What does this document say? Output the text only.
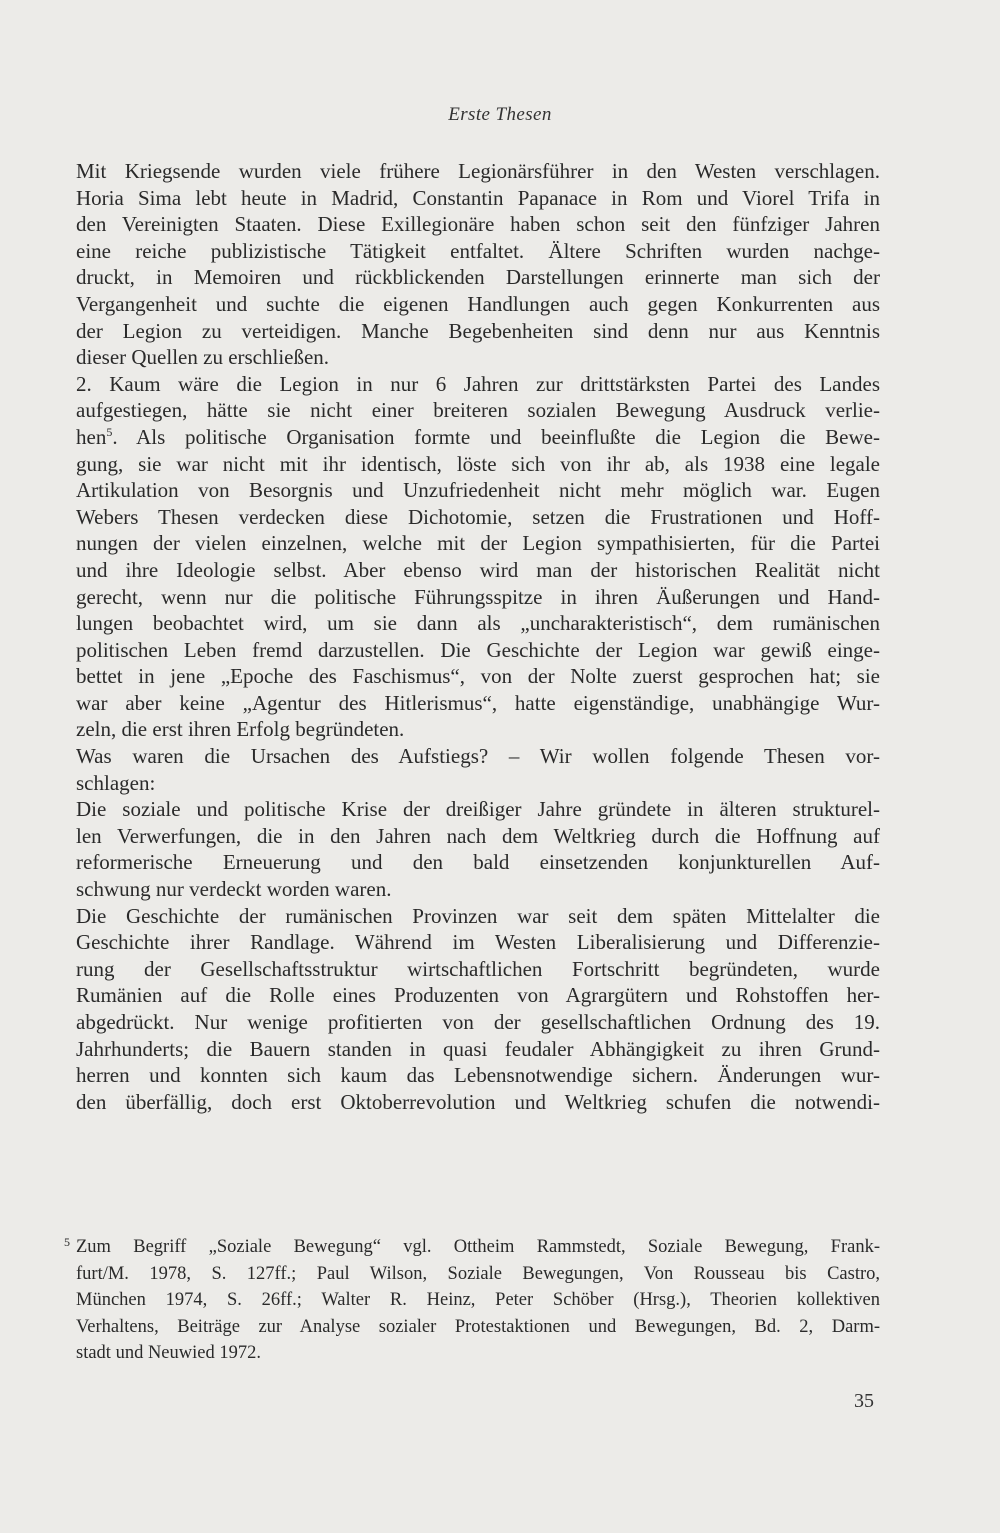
Erste Thesen
Mit Kriegsende wurden viele frühere Legionärsführer in den Westen verschlagen.
Horia Sima lebt heute in Madrid, Constantin Papanace in Rom und Viorel Trifa in
den Vereinigten Staaten. Diese Exillegionäre haben schon seit den fünfziger Jahren
eine reiche publizistische Tätigkeit entfaltet. Ältere Schriften wurden nachge-
druckt, in Memoiren und rückblickenden Darstellungen erinnerte man sich der
Vergangenheit und suchte die eigenen Handlungen auch gegen Konkurrenten aus
der Legion zu verteidigen. Manche Begebenheiten sind denn nur aus Kenntnis
dieser Quellen zu erschließen.
2. Kaum wäre die Legion in nur 6 Jahren zur drittstärksten Partei des Landes
aufgestiegen, hätte sie nicht einer breiteren sozialen Bewegung Ausdruck verlie-
hen$^5$. Als politische Organisation formte und beeinflußte die Legion die Bewe-
gung, sie war nicht mit ihr identisch, löste sich von ihr ab, als 1938 eine legale
Artikulation von Besorgnis und Unzufriedenheit nicht mehr möglich war. Eugen
Webers Thesen verdecken diese Dichotomie, setzen die Frustrationen und Hoff-
nungen der vielen einzelnen, welche mit der Legion sympathisierten, für die Partei
und ihre Ideologie selbst. Aber ebenso wird man der historischen Realität nicht
gerecht, wenn nur die politische Führungsspitze in ihren Äußerungen und Hand-
lungen beobachtet wird, um sie dann als „uncharakteristisch“, dem rumänischen
politischen Leben fremd darzustellen. Die Geschichte der Legion war gewiß einge-
bettet in jene „Epoche des Faschismus“, von der Nolte zuerst gesprochen hat; sie
war aber keine „Agentur des Hitlerismus“, hatte eigenständige, unabhängige Wur-
zeln, die erst ihren Erfolg begründeten.
Was waren die Ursachen des Aufstiegs? – Wir wollen folgende Thesen vor-
schlagen:
Die soziale und politische Krise der dreißiger Jahre gründete in älteren strukturel-
len Verwerfungen, die in den Jahren nach dem Weltkrieg durch die Hoffnung auf
reformerische Erneuerung und den bald einsetzenden konjunkturellen Auf-
schwung nur verdeckt worden waren.
Die Geschichte der rumänischen Provinzen war seit dem späten Mittelalter die
Geschichte ihrer Randlage. Während im Westen Liberalisierung und Differenzie-
rung der Gesellschaftsstruktur wirtschaftlichen Fortschritt begründeten, wurde
Rumänien auf die Rolle eines Produzenten von Agrargütern und Rohstoffen her-
abgedrückt. Nur wenige profitierten von der gesellschaftlichen Ordnung des 19.
Jahrhunderts; die Bauern standen in quasi feudaler Abhängigkeit zu ihren Grund-
herren und konnten sich kaum das Lebensnotwendige sichern. Änderungen wur-
den überfällig, doch erst Oktoberrevolution und Weltkrieg schufen die notwendi-
5 Zum Begriff „Soziale Bewegung“ vgl. Ottheim Rammstedt, Soziale Bewegung, Frank-
furt/M. 1978, S. 127ff.; Paul Wilson, Soziale Bewegungen, Von Rousseau bis Castro,
München 1974, S. 26ff.; Walter R. Heinz, Peter Schöber (Hrsg.), Theorien kollektiven
Verhaltens, Beiträge zur Analyse sozialer Protestaktionen und Bewegungen, Bd. 2, Darm-
stadt und Neuwied 1972.
35
